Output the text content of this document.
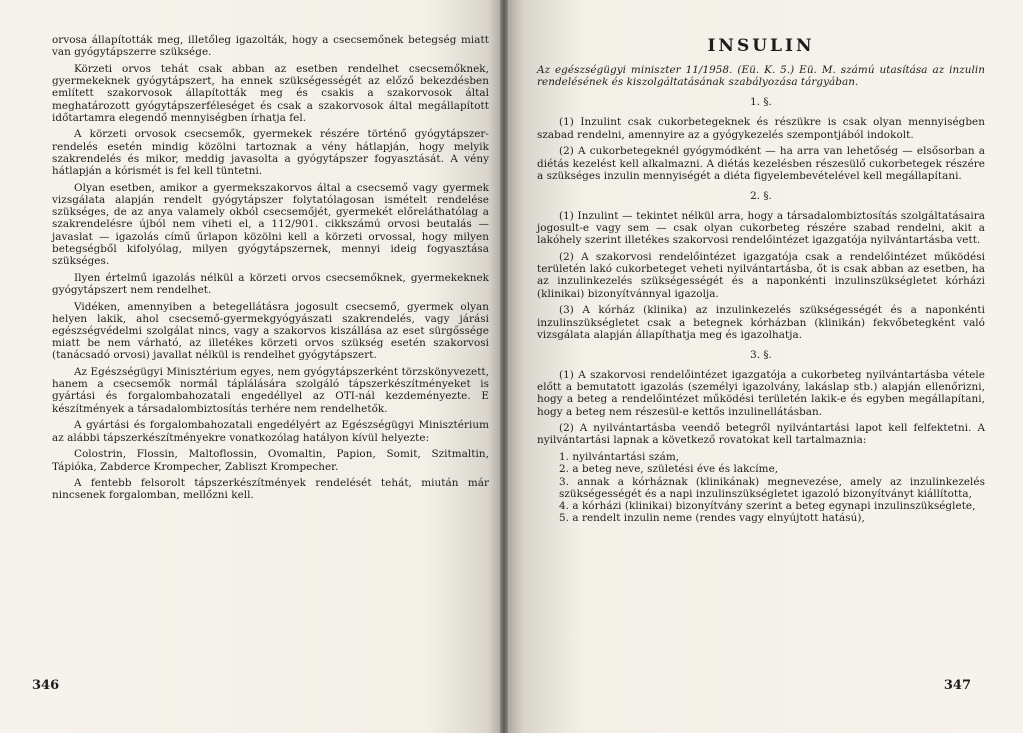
orvosa állapították meg, illetőleg igazolták, hogy a csecsemőnek betegség miatt van gyógytápszerre szüksége.

Körzeti orvos tehát csak abban az esetben rendelhet csecsemőknek, gyermekeknek gyógytápszert, ha ennek szükségességét az előző bekezdésben említett szakorvosok állapították meg és csakis a szakorvosok által meghatározott gyógytápszerféleséget és csak a szakorvosok által megállapított időtartamra elegendő mennyiségben írhatja fel.

A körzeti orvosok csecsemők, gyermekek részére történő gyógytápszer-rendelés esetén mindig közölni tartoznak a vény hátlapján, hogy melyik szakrendelés és mikor, meddig javasolta a gyógytápszer fogyasztását. A vény hátlapján a kórismét is fel kell tüntetni.

Olyan esetben, amikor a gyermekszakorvos által a csecsemő vagy gyermek vizsgálata alapján rendelt gyógytápszer folytatólagosan ismételt rendelése szükséges, de az anya valamely okból csecsemőjét, gyermekét előreláthatólag a szakrendelésre újból nem viheti el, a 112/901. cikkszámú orvosi beutalás — javaslat — igazolás című űrlapon közölni kell a körzeti orvossal, hogy milyen betegségből kifolyólag, milyen gyógytápszernek, mennyi ideig fogyasztása szükséges.

Ilyen értelmű igazolás nélkül a körzeti orvos csecsemőknek, gyermekeknek gyógytápszert nem rendelhet.

Vidéken, amennyiben a betegellátásra jogosult csecsemő, gyermek olyan helyen lakik, ahol csecsemő-gyermekgyógyászati szakrendelés, vagy járási egészségvédelmi szolgálat nincs, vagy a szakorvos kiszállása az eset sürgőssége miatt be nem várható, az illetékes körzeti orvos szükség esetén szakorvosi (tanácsadó orvosi) javallat nélkül is rendelhet gyógytápszert.

Az Egészségügyi Minisztérium egyes, nem gyógytápszerként törzskönyvezett, hanem a csecsemők normál táplálására szolgáló tápszerkészítményeket is gyártási és forgalombahozatali engedéllyel az OTI-nál kezdeményezte. E készítmények a társadalombiztosítás terhére nem rendelhetők.

A gyártási és forgalombahozatali engedélyért az Egészségügyi Minisztérium az alábbi tápszerkészítményekre vonatkozólag hatályon kívül helyezte:

Colostrin, Flossin, Maltoflossin, Ovomaltin, Papion, Somit, Szitmaltin, Tápióka, Zabderce Krompecher, Zabliszt Krompecher.

A fentebb felsorolt tápszerkészítmények rendelését tehát, miután már nincsenek forgalomban, mellőzni kell.

346
INSULIN

Az egészségügyi miniszter 11/1958. (Eü. K. 5.) Eü. M. számú utasítása az inzulin rendelésének és kiszolgáltatásának szabályozása tárgyában.

1. §.

(1) Inzulint csak cukorbetegeknek és részükre is csak olyan mennyiségben szabad rendelni, amennyire az a gyógykezelés szempontjából indokolt.

(2) A cukorbetegeknél gyógymódként — ha arra van lehetőség — elsősorban a diétás kezelést kell alkalmazni. A diétás kezelésben részesülő cukorbetegek részére a szükséges inzulin mennyiségét a diéta figyelembevételével kell megállapítani.

2. §.

(1) Inzulint — tekintet nélkül arra, hogy a társadalombiztosítás szolgáltatásaira jogosult-e vagy sem — csak olyan cukorbeteg részére szabad rendelni, akit a lakóhely szerint illetékes szakorvosi rendelőintézet igazgatója nyilvántartásba vett.

(2) A szakorvosi rendelőintézet igazgatója csak a rendelőintézet működési területén lakó cukorbeteget veheti nyilvántartásba, őt is csak abban az esetben, ha az inzulinkezelés szükségességét és a naponkénti inzulinszükségletet kórházi (klinikai) bizonyítvánnyal igazolja.

(3) A kórház (klinika) az inzulinkezelés szükségességét és a naponkénti inzulinszükségletet csak a betegnek kórházban (klinikán) fekvőbetegként való vizsgálata alapján állapíthatja meg és igazolhatja.

3. §.

(1) A szakorvosi rendelőintézet igazgatója a cukorbeteg nyilvántartásba vétele előtt a bemutatott igazolás (személyi igazolvány, lakáslap stb.) alapján ellenőrizni, hogy a beteg a rendelőintézet működési területén lakik-e és egyben megállapítani, hogy a beteg nem részesül-e kettős inzulinellátásban.

(2) A nyilvántartásba veendő betegről nyilvántartási lapot kell felfektetni. A nyilvántartási lapnak a következő rovatokat kell tartalmaznia:

1. nyilvántartási szám,

2. a beteg neve, születési éve és lakcíme,

3. annak a kórháznak (klinikának) megnevezése, amely az inzulinkezelés szükségességét és a napi inzulinszükségletet igazoló bizonyítványt kiállította,

4. a kórházi (klinikai) bizonyítvány szerint a beteg egynapi inzulinszükséglete,

5. a rendelt inzulin neme (rendes vagy elnyújtott hatású),

347
